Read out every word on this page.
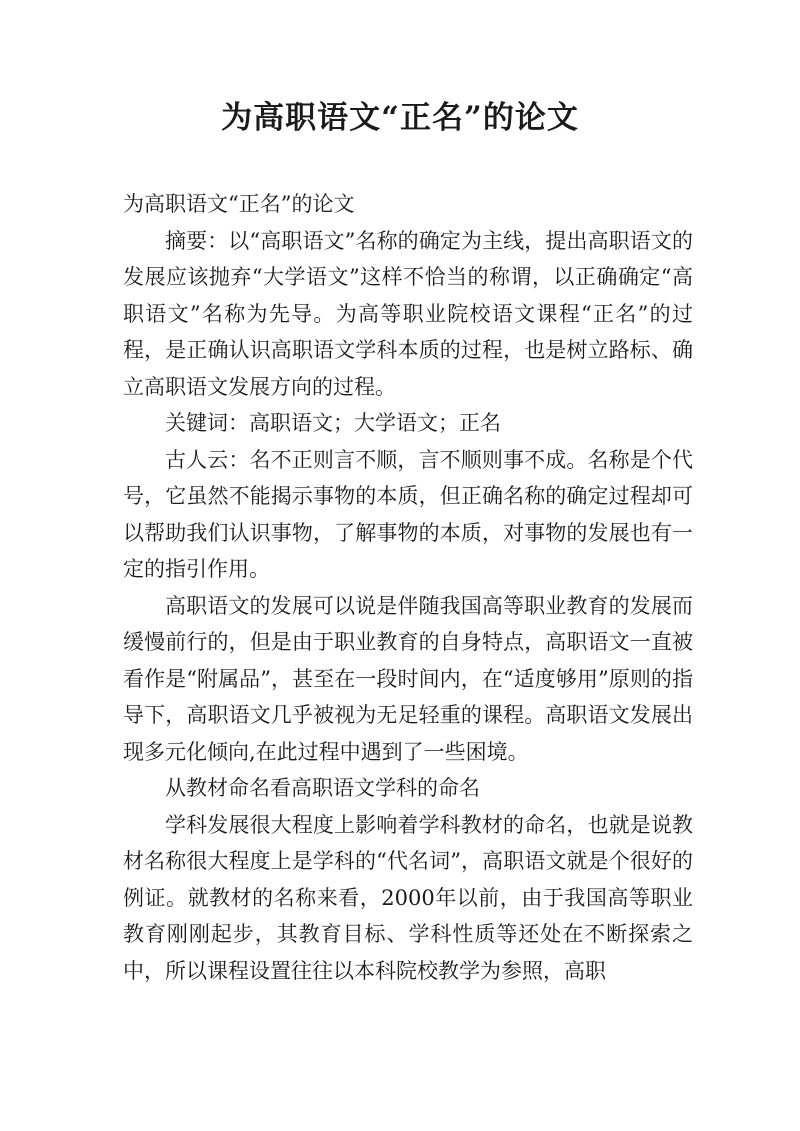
为高职语文“正名”的论文

为高职语文“正名”的论文

摘要：以“高职语文”名称的确定为主线，提出高职语文的发展应该抛弃“大学语文”这样不恰当的称谓，以正确确定“高职语文”名称为先导。为高等职业院校语文课程“正名”的过程，是正确认识高职语文学科本质的过程，也是树立路标、确立高职语文发展方向的过程。

关键词：高职语文；大学语文；正名

古人云：名不正则言不顺，言不顺则事不成。名称是个代号，它虽然不能揭示事物的本质，但正确名称的确定过程却可以帮助我们认识事物，了解事物的本质，对事物的发展也有一定的指引作用。

高职语文的发展可以说是伴随我国高等职业教育的发展而缓慢前行的，但是由于职业教育的自身特点，高职语文一直被看作是“附属品”，甚至在一段时间内，在“适度够用”原则的指导下，高职语文几乎被视为无足轻重的课程。高职语文发展出现多元化倾向,在此过程中遇到了一些困境。

从教材命名看高职语文学科的命名

学科发展很大程度上影响着学科教材的命名，也就是说教材名称很大程度上是学科的“代名词”，高职语文就是个很好的例证。就教材的名称来看，2000年以前，由于我国高等职业教育刚刚起步，其教育目标、学科性质等还处在不断探索之中，所以课程设置往往以本科院校教学为参照，高职
